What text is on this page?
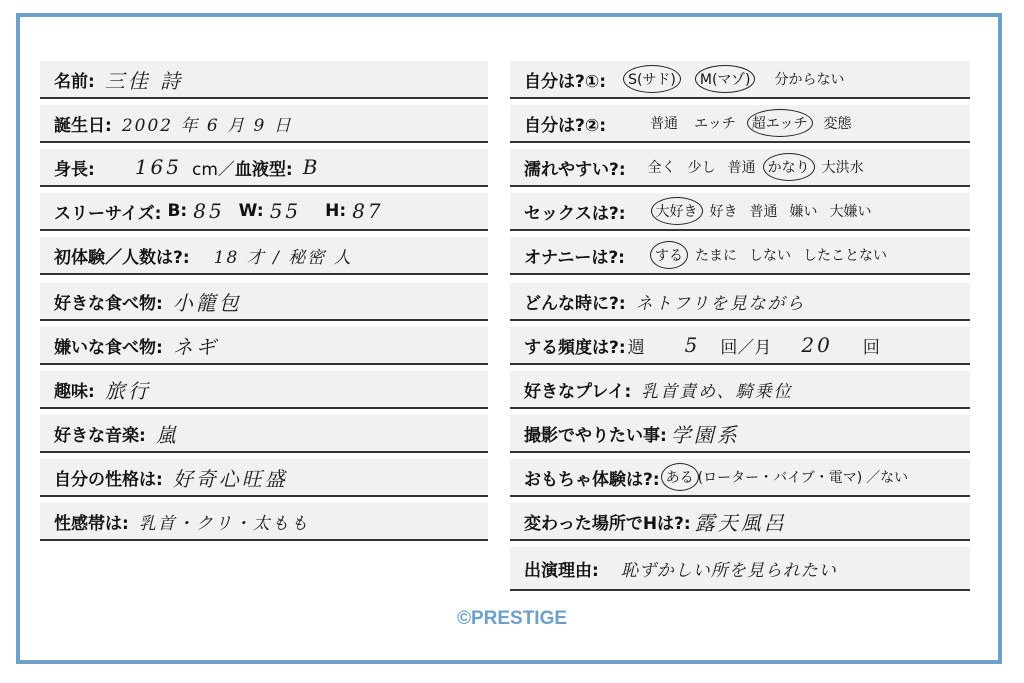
名前: 三佳 詩
誕生日: 2002 年 6 月 9 日
身長: 165 cm／ 血液型: B
スリーサイズ: B: 85 W: 55 H: 87
初体験／人数は?: 18 才 / 秘密 人
好きな食べ物: 小籠包
嫌いな食べ物: ネギ
趣味: 旅行
好きな音楽: 嵐
自分の性格は: 好奇心旺盛
性感帯は: 乳首・クリ・太もも
自分は?①: S(サド) M(マゾ) 分からない
自分は?②:	普通 エッチ 超エッチ 変態
濡れやすい?: 全く 少し 普通 かなり 大洪水
セックスは?: 大好き 好き 普通 嫌い 大嫌い
オナニーは?: する たまに しない したことない
どんな時に?: ネトフリを見ながら
する頻度は?: 週 5 回／月 20 回
好きなプレイ: 乳首責め、騎乗位
撮影でやりたい事: 学園系
おもちゃ体験は?: ある (ローター・バイブ・電マ) ／ない
変わった場所でHは?: 露天風呂
出演理由: 恥ずかしい所を見られたい
©PRESTIGE
